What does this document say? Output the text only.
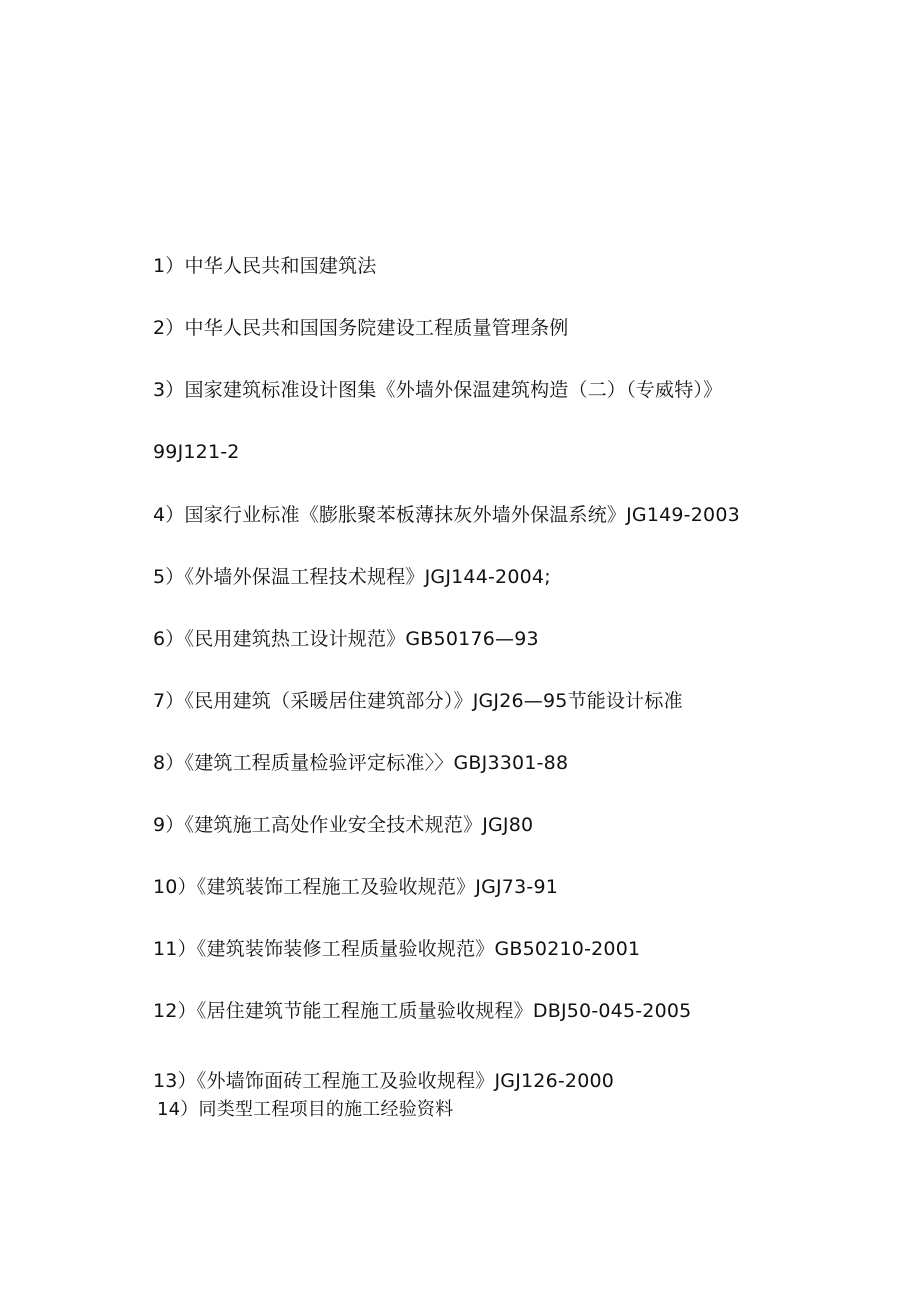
1）中华人民共和国建筑法
2）中华人民共和国国务院建设工程质量管理条例
3）国家建筑标准设计图集《外墙外保温建筑构造（二）（专威特）》
99J121-2
4）国家行业标准《膨胀聚苯板薄抹灰外墙外保温系统》JG149-2003
5）《外墙外保温工程技术规程》JGJ144-2004;
6）《民用建筑热工设计规范》GB50176—93
7）《民用建筑（采暖居住建筑部分）》JGJ26—95节能设计标准
8）《建筑工程质量检验评定标准〉〉GBJ3301-88
9）《建筑施工高处作业安全技术规范》JGJ80
10）《建筑装饰工程施工及验收规范》JGJ73-91
11）《建筑装饰装修工程质量验收规范》GB50210-2001
12）《居住建筑节能工程施工质量验收规程》DBJ50-045-2005
13）《外墙饰面砖工程施工及验收规程》JGJ126-2000
14）同类型工程项目的施工经验资料
